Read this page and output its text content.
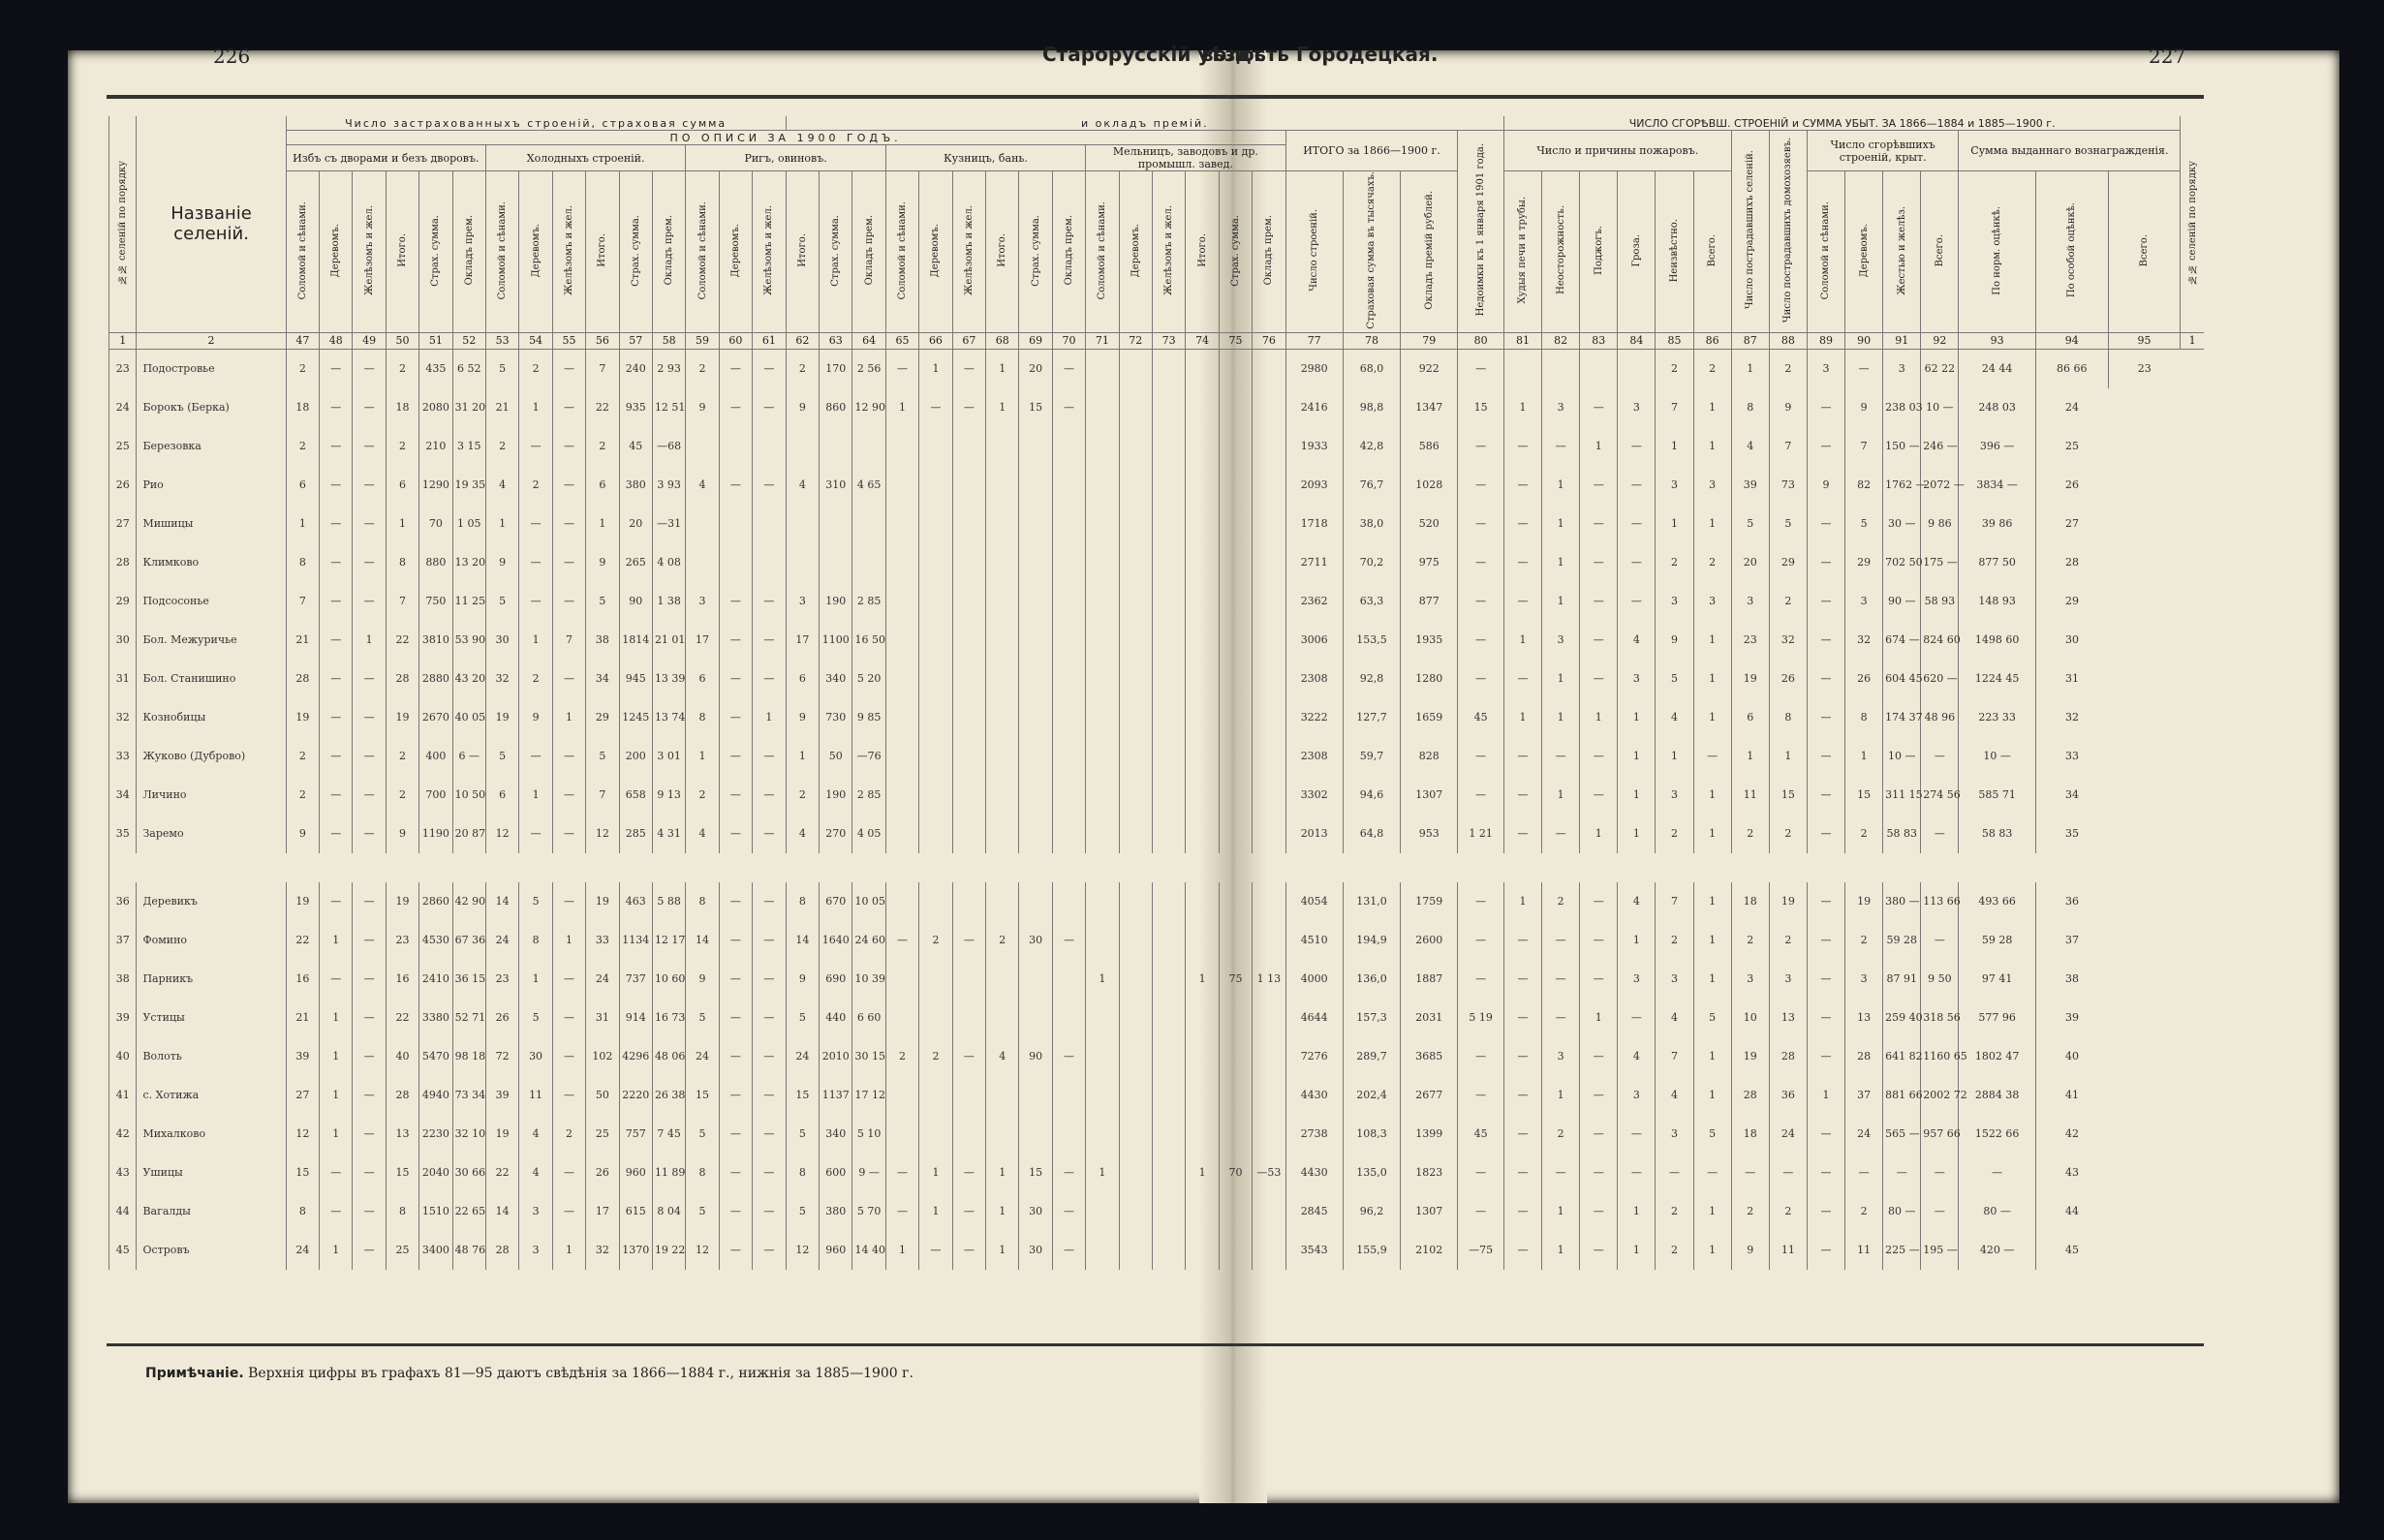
226	227
Старорусскій уѣздъ
волость Городецкая.
№№ селеній по порядку	Названіе селеній.	Число застрахованныхъ строеній, страховая сумма															и окладъ премій.																			ЧИСЛО СГОРѢВШ. СТРОЕНІЙ и СУММА УБЫТ. ЗА 1866—1884 и 1885—1900 г.															№№ селеній по порядку
		ПО ОПИСИ ЗА 1900 ГОДЪ.																														ИТОГО за 1866—1900 г.			Недоимки къ 1 января 1901 года.	Число и причины пожаровъ.						Число пострадавшихъ селеній.	Число пострадавшихъ домохозяевъ.	Число сгорѣвшихъ строеній, крыт.				Сумма выданнаго вознагражденія.			
		Избъ съ дворами и безъ дворовъ.						Холодныхъ строеній.						Ригъ, овиновъ.						Кузницъ, бань.						Мельницъ, заводовъ и др. промышл. завед.																									
		Соломой и сѣнами.	Деревомъ.	Желѣзомъ и жел.	Итого.	Страх. сумма.	Окладъ прем.	Соломой и сѣнами.	Деревомъ.	Желѣзомъ и жел.	Итого.	Страх. сумма.	Окладъ прем.	Соломой и сѣнами.	Деревомъ.	Желѣзомъ и жел.	Итого.	Страх. сумма.	Окладъ прем.	Соломой и сѣнами.	Деревомъ.	Желѣзомъ и жел.	Итого.	Страх. сумма.	Окладъ прем.	Соломой и сѣнами.	Деревомъ.	Желѣзомъ и жел.	Итого.	Страх. сумма.	Окладъ прем.	Число строеній.	Страховая сумма въ тысячахъ.	Окладъ премій рублей.		Худыя печи и трубы.	Неосторожность.	Поджогъ.	Гроза.	Неизвѣстно.	Всего.			Соломой и сѣнами.	Деревомъ.	Жестью и желѣз.	Всего.	По норм. оцѣнкѣ.	По особой оцѣнкѣ.	Всего.	
1	2	47	48	49	50	51	52	53	54	55	56	57	58	59	60	61	62	63	64	65	66	67	68	69	70	71	72	73	74	75	76	77	78	79	80	81	82	83	84	85	86	87	88	89	90	91	92	93	94	95	1
23	Подостровье	2	—	—	2	435	6 52	5	2	—	7	240	2 93	2	—	—	2	170	2 56	—	1	—	1	20	—							2980	68,0	922	—					2	2	1	2	3	—	3	62 22	24 44	86 66	23	
24	Борокъ (Берка)	18	—	—	18	2080	31 20	21	1	—	22	935	12 51	9	—	—	9	860	12 90	1	—	—	1	15	—							2416	98,8	1347	15	1	3	—	3	7	1	8	9	—	9	238 03	10 —	248 03	24		
25	Березовка	2	—	—	2	210	3 15	2	—	—	2	45	—68																			1933	42,8	586	—	—	—	1	—	1	1	4	7	—	7	150 —	246 —	396 —	25		
26	Рио	6	—	—	6	1290	19 35	4	2	—	6	380	3 93	4	—	—	4	310	4 65													2093	76,7	1028	—	—	1	—	—	3	3	39	73	9	82	1762 —	2072 —	3834 —	26		
27	Мишицы	1	—	—	1	70	1 05	1	—	—	1	20	—31																			1718	38,0	520	—	—	1	—	—	1	1	5	5	—	5	30 —	9 86	39 86	27		
28	Климково	8	—	—	8	880	13 20	9	—	—	9	265	4 08																			2711	70,2	975	—	—	1	—	—	2	2	20	29	—	29	702 50	175 —	877 50	28		
29	Подсосонье	7	—	—	7	750	11 25	5	—	—	5	90	1 38	3	—	—	3	190	2 85													2362	63,3	877	—	—	1	—	—	3	3	3	2	—	3	90 —	58 93	148 93	29		
30	Бол. Межуричье	21	—	1	22	3810	53 90	30	1	7	38	1814	21 01	17	—	—	17	1100	16 50													3006	153,5	1935	—	1	3	—	4	9	1	23	32	—	32	674 —	824 60	1498 60	30		
31	Бол. Станишино	28	—	—	28	2880	43 20	32	2	—	34	945	13 39	6	—	—	6	340	5 20													2308	92,8	1280	—	—	1	—	3	5	1	19	26	—	26	604 45	620 —	1224 45	31		
32	Кознобицы	19	—	—	19	2670	40 05	19	9	1	29	1245	13 74	8	—	1	9	730	9 85													3222	127,7	1659	45	1	1	1	1	4	1	6	8	—	8	174 37	48 96	223 33	32		
33	Жуково (Дуброво)	2	—	—	2	400	6 —	5	—	—	5	200	3 01	1	—	—	1	50	—76													2308	59,7	828	—	—	—	—	1	1	—	1	1	—	1	10 —	—	10 —	33		
34	Личино	2	—	—	2	700	10 50	6	1	—	7	658	9 13	2	—	—	2	190	2 85													3302	94,6	1307	—	—	1	—	1	3	1	11	15	—	15	311 15	274 56	585 71	34		
35	Заремо	9	—	—	9	1190	20 87	12	—	—	12	285	4 31	4	—	—	4	270	4 05													2013	64,8	953	1 21	—	—	1	1	2	1	2	2	—	2	58 83	—	58 83	35		

36	Деревикъ	19	—	—	19	2860	42 90	14	5	—	19	463	5 88	8	—	—	8	670	10 05													4054	131,0	1759	—	1	2	—	4	7	1	18	19	—	19	380 —	113 66	493 66	36		
37	Фомино	22	1	—	23	4530	67 36	24	8	1	33	1134	12 17	14	—	—	14	1640	24 60	—	2	—	2	30	—							4510	194,9	2600	—	—	—	—	1	2	1	2	2	—	2	59 28	—	59 28	37		
38	Парникъ	16	—	—	16	2410	36 15	23	1	—	24	737	10 60	9	—	—	9	690	10 39							1			1	75	1 13	4000	136,0	1887	—	—	—	—	3	3	1	3	3	—	3	87 91	9 50	97 41	38		
39	Устицы	21	1	—	22	3380	52 71	26	5	—	31	914	16 73	5	—	—	5	440	6 60													4644	157,3	2031	5 19	—	—	1	—	4	5	10	13	—	13	259 40	318 56	577 96	39		
40	Волоть	39	1	—	40	5470	98 18	72	30	—	102	4296	48 06	24	—	—	24	2010	30 15	2	2	—	4	90	—							7276	289,7	3685	—	—	3	—	4	7	1	19	28	—	28	641 82	1160 65	1802 47	40		
41	с. Хотижа	27	1	—	28	4940	73 34	39	11	—	50	2220	26 38	15	—	—	15	1137	17 12													4430	202,4	2677	—	—	1	—	3	4	1	28	36	1	37	881 66	2002 72	2884 38	41		
42	Михалково	12	1	—	13	2230	32 10	19	4	2	25	757	7 45	5	—	—	5	340	5 10													2738	108,3	1399	45	—	2	—	—	3	5	18	24	—	24	565 —	957 66	1522 66	42		
43	Ушицы	15	—	—	15	2040	30 66	22	4	—	26	960	11 89	8	—	—	8	600	9 —	—	1	—	1	15	—	1			1	70	—53	4430	135,0	1823	—	—	—	—	—	—	—	—	—	—	—	—	—	—	43		
44	Вагалды	8	—	—	8	1510	22 65	14	3	—	17	615	8 04	5	—	—	5	380	5 70	—	1	—	1	30	—							2845	96,2	1307	—	—	1	—	1	2	1	2	2	—	2	80 —	—	80 —	44		
45	Островъ	24	1	—	25	3400	48 76	28	3	1	32	1370	19 22	12	—	—	12	960	14 40	1	—	—	1	30	—							3543	155,9	2102	—75	—	1	—	1	2	1	9	11	—	11	225 —	195 —	420 —	45		
Примѣчаніе. Верхнія цифры въ графахъ 81—95 даютъ свѣдѣнія за 1866—1884 г., нижнія за 1885—1900 г.
